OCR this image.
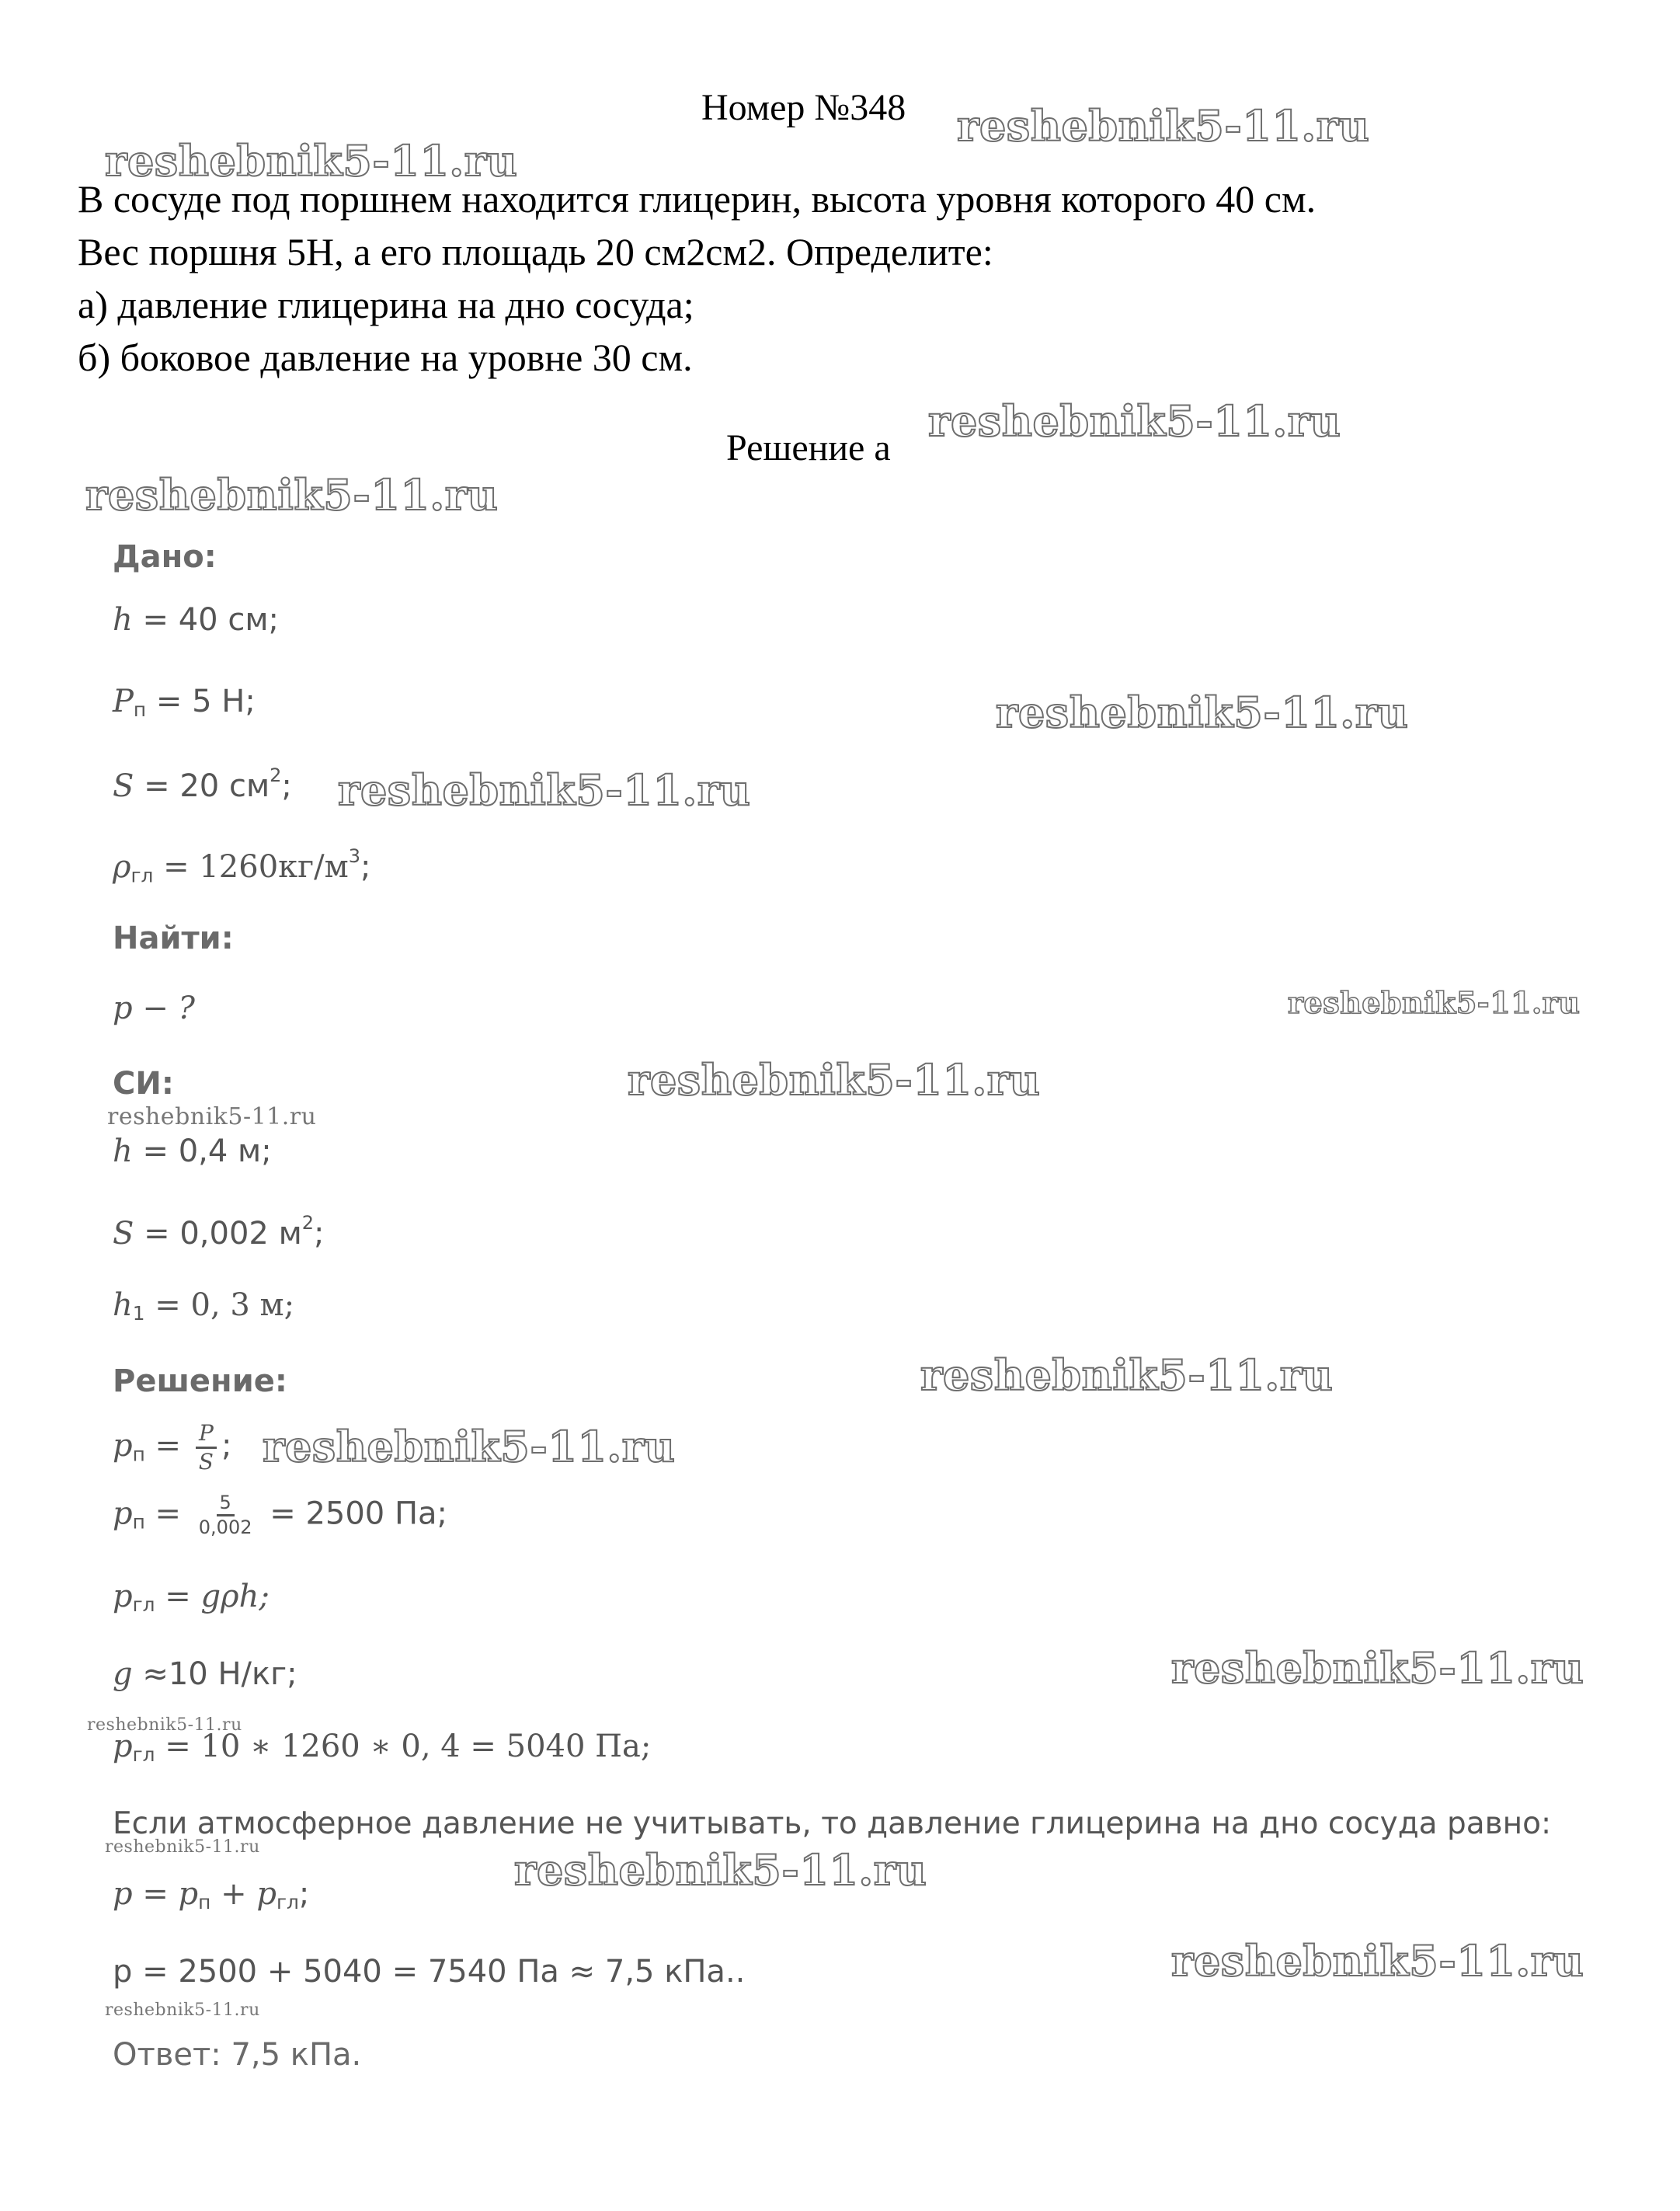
Номер №348
В сосуде под поршнем находится глицерин, высота уровня которого 40 см.
Вес поршня 5Н, а его площадь 20 см2см2. Определите:
а) давление глицерина на дно сосуда;
б) боковое давление на уровне 30 см.
Решение а
Дано:
h = 40 см;
$P_п = 5$ Н;
S = 20 $см^2$;
$\rho_{гл} = 1260кг/м^3$;
Найти:
p − ?
СИ:
h = 0,4 м;
S = 0,002 $м^2$;
$h_1 = 0$, 3 м;
Решение:
$p_п = \frac{P}{S}$ ;
$p_п = \frac{5}{0,002} = 2500$ Па;
$p_{гл} = g\rho h$;
g ≈10 Н/кг;
$p_{гл} = 10$ ∗ 1260 ∗ 0, 4 = 5040 Па;
Если атмосферное давление не учитывать, то давление глицерина на дно сосуда равно:
$p = p_п + p_{гл}$;
p = 2500 + 5040 = 7540 Па ≈ 7,5 кПа..
Ответ: 7,5 кПа.
reshebnik5-11.ru
reshebnik5-11.ru
reshebnik5-11.ru
reshebnik5-11.ru
reshebnik5-11.ru
reshebnik5-11.ru
reshebnik5-11.ru
reshebnik5-11.ru
reshebnik5-11.ru
reshebnik5-11.ru
reshebnik5-11.ru
reshebnik5-11.ru
reshebnik5-11.ru
reshebnik5-11.ru	reshebnik5-11.ru
reshebnik5-11.ru
reshebnik5-11.ru
